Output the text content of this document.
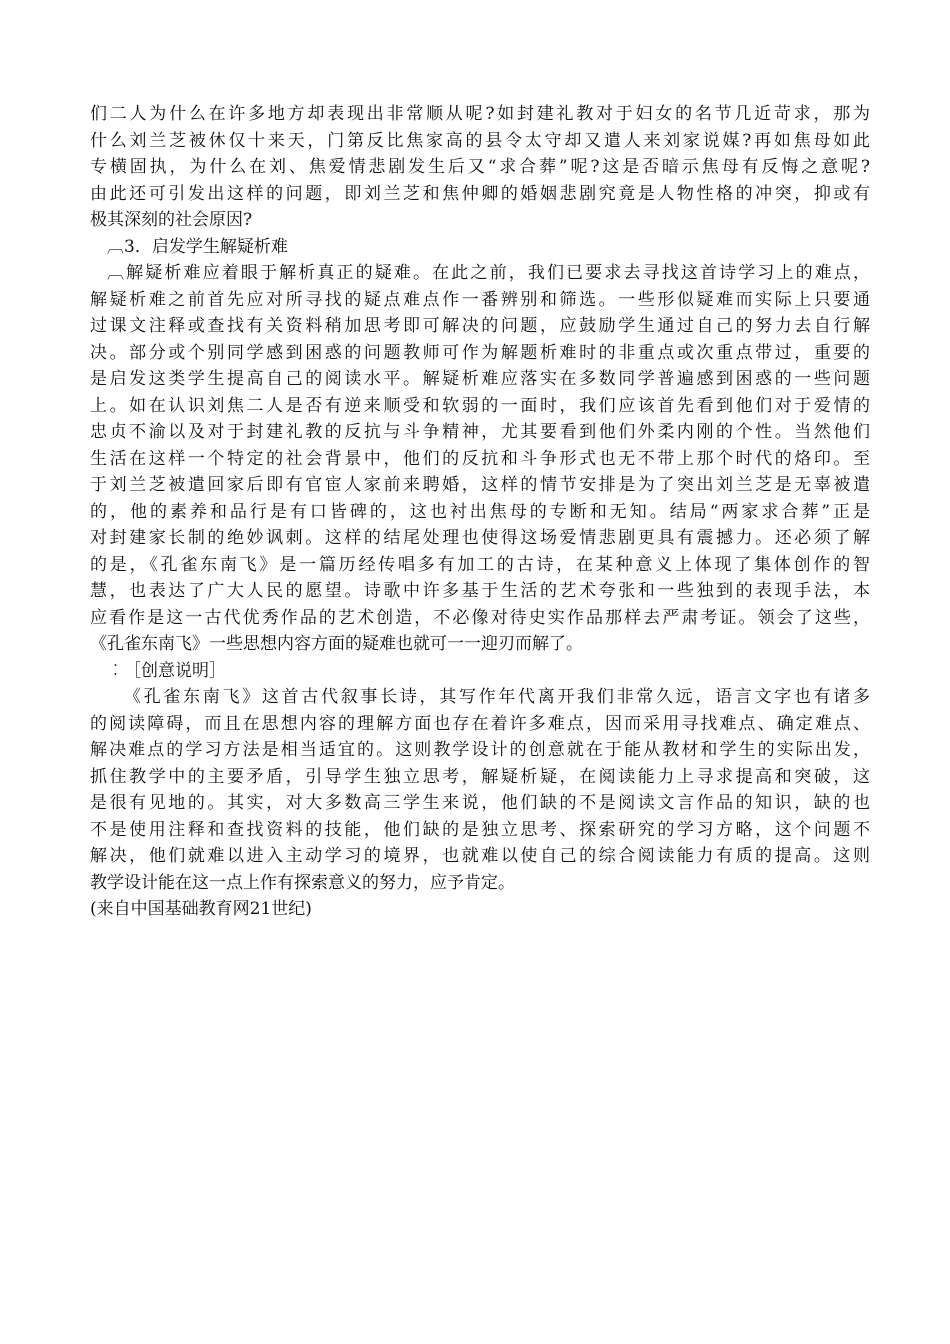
们二人为什么在许多地方却表现出非常顺从呢?如封建礼教对于妇女的名节几近苛求，那为
什么刘兰芝被休仅十来天，门第反比焦家高的县令太守却又遣人来刘家说媒?再如焦母如此
专横固执，为什么在刘、焦爱情悲剧发生后又“求合葬”呢?这是否暗示焦母有反悔之意呢?
由此还可引发出这样的问题，即刘兰芝和焦仲卿的婚姻悲剧究竟是人物性格的冲突，抑或有
极其深刻的社会原因?
︹3．启发学生解疑析难
︹解疑析难应着眼于解析真正的疑难。在此之前，我们已要求去寻找这首诗学习上的难点，
解疑析难之前首先应对所寻找的疑点难点作一番辨别和筛选。一些形似疑难而实际上只要通
过课文注释或查找有关资料稍加思考即可解决的问题，应鼓励学生通过自己的努力去自行解
决。部分或个别同学感到困惑的问题教师可作为解题析难时的非重点或次重点带过，重要的
是启发这类学生提高自己的阅读水平。解疑析难应落实在多数同学普遍感到困惑的一些问题
上。如在认识刘焦二人是否有逆来顺受和软弱的一面时，我们应该首先看到他们对于爱情的
忠贞不渝以及对于封建礼教的反抗与斗争精神，尤其要看到他们外柔内刚的个性。当然他们
生活在这样一个特定的社会背景中，他们的反抗和斗争形式也无不带上那个时代的烙印。至
于刘兰芝被遣回家后即有官宦人家前来聘婚，这样的情节安排是为了突出刘兰芝是无辜被遣
的，他的素养和品行是有口皆碑的，这也衬出焦母的专断和无知。结局“两家求合葬”正是
对封建家长制的绝妙讽刺。这样的结尾处理也使得这场爱情悲剧更具有震撼力。还必须了解
的是，《孔雀东南飞》是一篇历经传唱多有加工的古诗，在某种意义上体现了集体创作的智
慧，也表达了广大人民的愿望。诗歌中许多基于生活的艺术夸张和一些独到的表现手法，本
应看作是这一古代优秀作品的艺术创造，不必像对待史实作品那样去严肃考证。领会了这些，
《孔雀东南飞》一些思想内容方面的疑难也就可一一迎刃而解了。
︰［创意说明］
《孔雀东南飞》这首古代叙事长诗，其写作年代离开我们非常久远，语言文字也有诸多
的阅读障碍，而且在思想内容的理解方面也存在着许多难点，因而采用寻找难点、确定难点、
解决难点的学习方法是相当适宜的。这则教学设计的创意就在于能从教材和学生的实际出发，
抓住教学中的主要矛盾，引导学生独立思考，解疑析疑，在阅读能力上寻求提高和突破，这
是很有见地的。其实，对大多数高三学生来说，他们缺的不是阅读文言作品的知识，缺的也
不是使用注释和查找资料的技能，他们缺的是独立思考、探索研究的学习方略，这个问题不
解决，他们就难以进入主动学习的境界，也就难以使自己的综合阅读能力有质的提高。这则
教学设计能在这一点上作有探索意义的努力，应予肯定。
(来自中国基础教育网21世纪)
